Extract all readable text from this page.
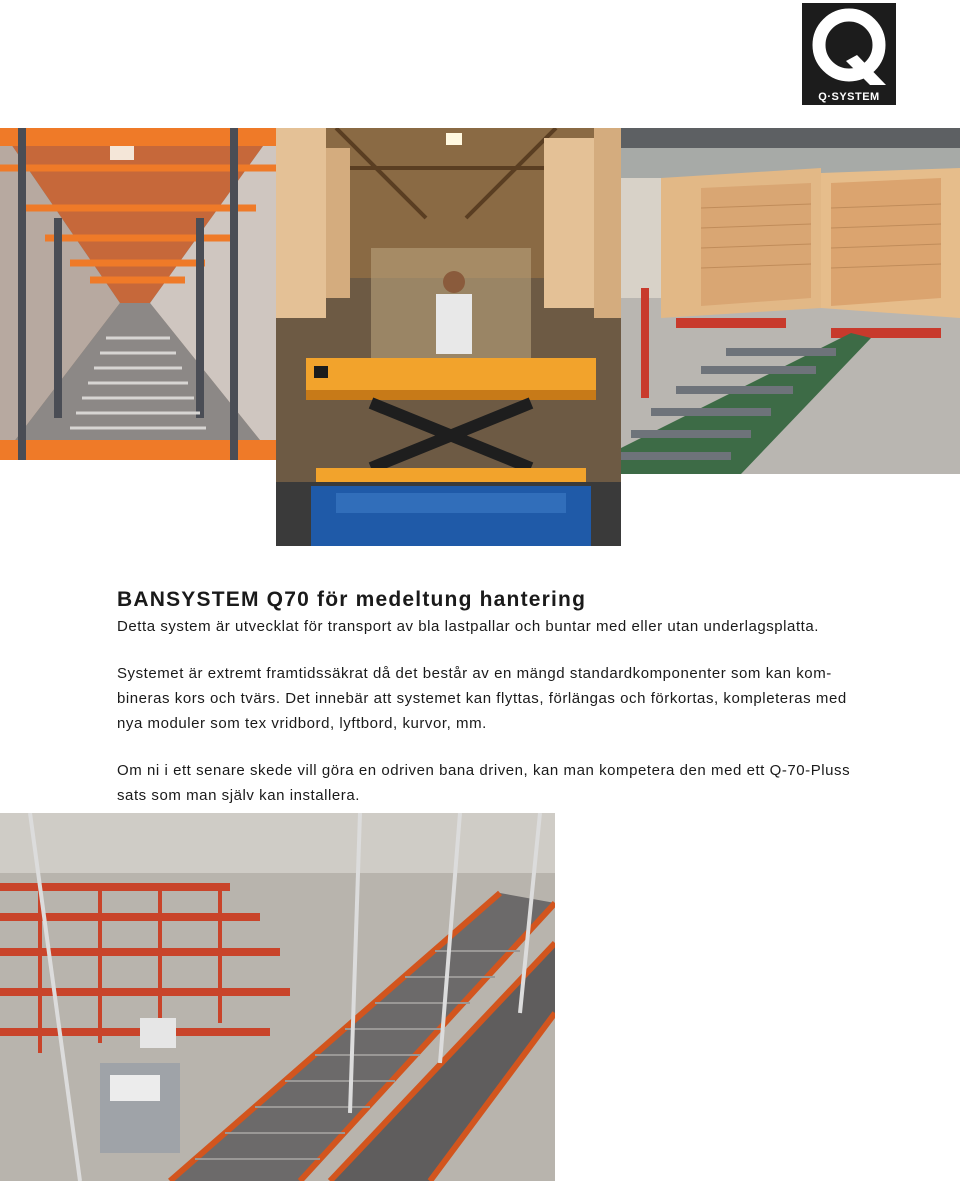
Q·SYSTEM
BANSYSTEM Q70 för medeltung hantering

Detta system är utvecklat för transport av bla lastpallar och buntar med eller utan underlagsplatta.

Systemet är extremt framtidssäkrat då det består av en mängd standardkomponenter som kan kom-
bineras kors och tvärs. Det innebär att systemet kan flyttas, förlängas och förkortas, kompleteras med
nya moduler som tex vridbord, lyftbord, kurvor, mm.

Om ni i ett senare skede vill göra en odriven bana driven, kan man kompetera den med ett Q-70-Pluss
sats som man själv kan installera.
